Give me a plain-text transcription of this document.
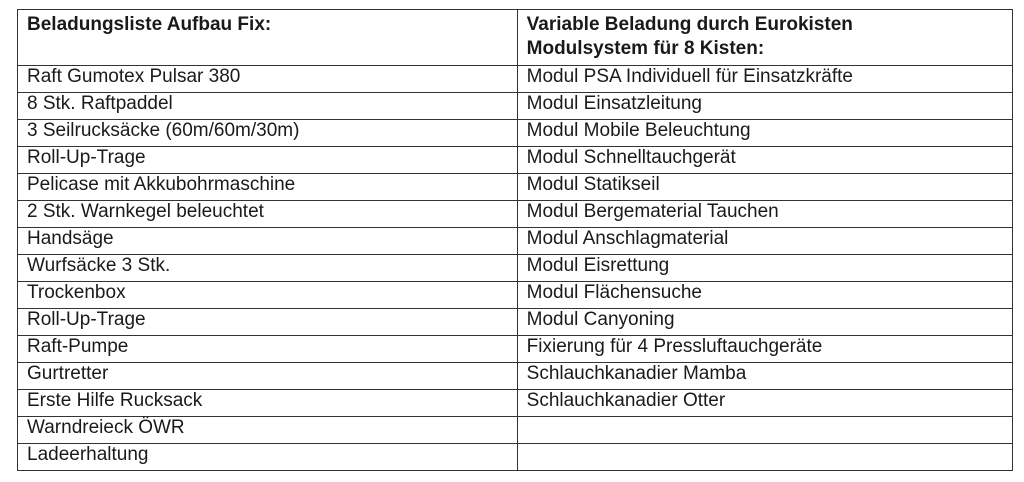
Beladungsliste Aufbau Fix:	Variable Beladung durch Eurokisten
Modulsystem für 8 Kisten:

Raft Gumotex Pulsar 380	Modul PSA Individuell für Einsatzkräfte
8 Stk. Raftpaddel	Modul Einsatzleitung
3 Seilrucksäcke (60m/60m/30m)	Modul Mobile Beleuchtung
Roll-Up-Trage	Modul Schnelltauchgerät
Pelicase mit Akkubohrmaschine	Modul Statikseil
2 Stk. Warnkegel beleuchtet	Modul Bergematerial Tauchen
Handsäge	Modul Anschlagmaterial
Wurfsäcke 3 Stk.	Modul Eisrettung
Trockenbox	Modul Flächensuche
Roll-Up-Trage	Modul Canyoning
Raft-Pumpe	Fixierung für 4 Pressluftauchgeräte
Gurtretter	Schlauchkanadier Mamba
Erste Hilfe Rucksack	Schlauchkanadier Otter
Warndreieck ÖWR	
Ladeerhaltung	
